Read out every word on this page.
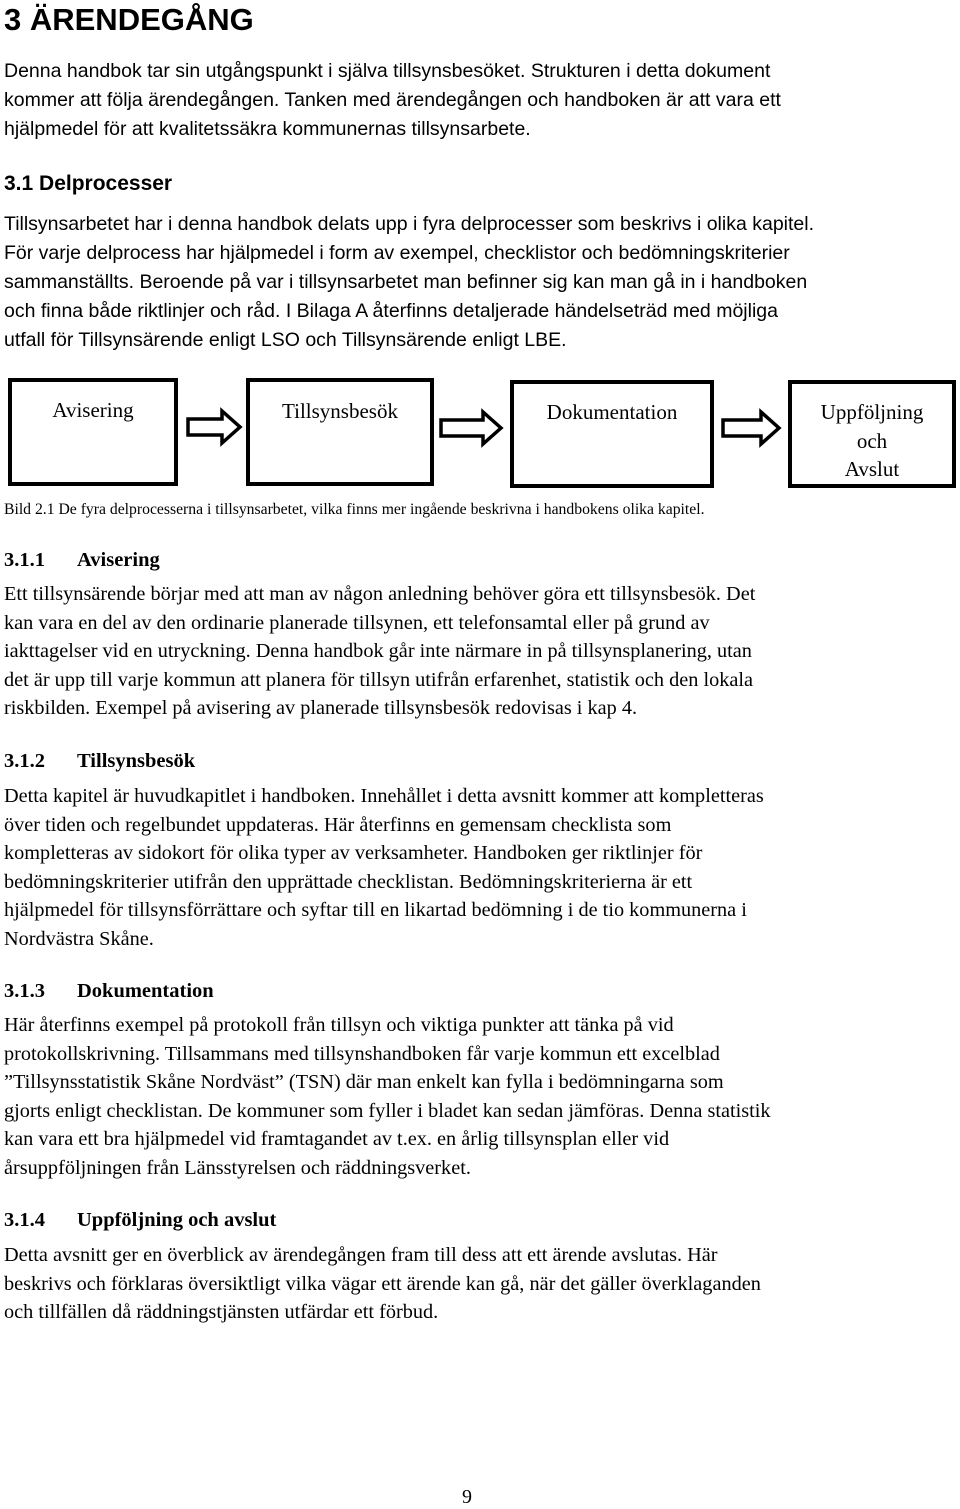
3 ÄRENDEGÅNG
Denna handbok tar sin utgångspunkt i själva tillsynsbesöket. Strukturen i detta dokument
kommer att följa ärendegången. Tanken med ärendegången och handboken är att vara ett
hjälpmedel för att kvalitetssäkra kommunernas tillsynsarbete.
3.1 Delprocesser
Tillsynsarbetet har i denna handbok delats upp i fyra delprocesser som beskrivs i olika kapitel.
För varje delprocess har hjälpmedel i form av exempel, checklistor och bedömningskriterier
sammanställts. Beroende på var i tillsynsarbetet man befinner sig kan man gå in i handboken
och finna både riktlinjer och råd. I Bilaga A återfinns detaljerade händelseträd med möjliga
utfall för Tillsynsärende enligt LSO och Tillsynsärende enligt LBE.
Avisering	Tillsynsbesök	Dokumentation	Uppföljning
och
Avslut
Bild 2.1 De fyra delprocesserna i tillsynsarbetet, vilka finns mer ingående beskrivna i handbokens olika kapitel.
3.1.1 Avisering
Ett tillsynsärende börjar med att man av någon anledning behöver göra ett tillsynsbesök. Det
kan vara en del av den ordinarie planerade tillsynen, ett telefonsamtal eller på grund av
iakttagelser vid en utryckning. Denna handbok går inte närmare in på tillsynsplanering, utan
det är upp till varje kommun att planera för tillsyn utifrån erfarenhet, statistik och den lokala
riskbilden. Exempel på avisering av planerade tillsynsbesök redovisas i kap 4.
3.1.2 Tillsynsbesök
Detta kapitel är huvudkapitlet i handboken. Innehållet i detta avsnitt kommer att kompletteras
över tiden och regelbundet uppdateras. Här återfinns en gemensam checklista som
kompletteras av sidokort för olika typer av verksamheter. Handboken ger riktlinjer för
bedömningskriterier utifrån den upprättade checklistan. Bedömningskriterierna är ett
hjälpmedel för tillsynsförrättare och syftar till en likartad bedömning i de tio kommunerna i
Nordvästra Skåne.
3.1.3 Dokumentation
Här återfinns exempel på protokoll från tillsyn och viktiga punkter att tänka på vid
protokollskrivning. Tillsammans med tillsynshandboken får varje kommun ett excelblad
”Tillsynsstatistik Skåne Nordväst” (TSN) där man enkelt kan fylla i bedömningarna som
gjorts enligt checklistan. De kommuner som fyller i bladet kan sedan jämföras. Denna statistik
kan vara ett bra hjälpmedel vid framtagandet av t.ex. en årlig tillsynsplan eller vid
årsuppföljningen från Länsstyrelsen och räddningsverket.
3.1.4 Uppföljning och avslut
Detta avsnitt ger en överblick av ärendegången fram till dess att ett ärende avslutas. Här
beskrivs och förklaras översiktligt vilka vägar ett ärende kan gå, när det gäller överklaganden
och tillfällen då räddningstjänsten utfärdar ett förbud.
9
